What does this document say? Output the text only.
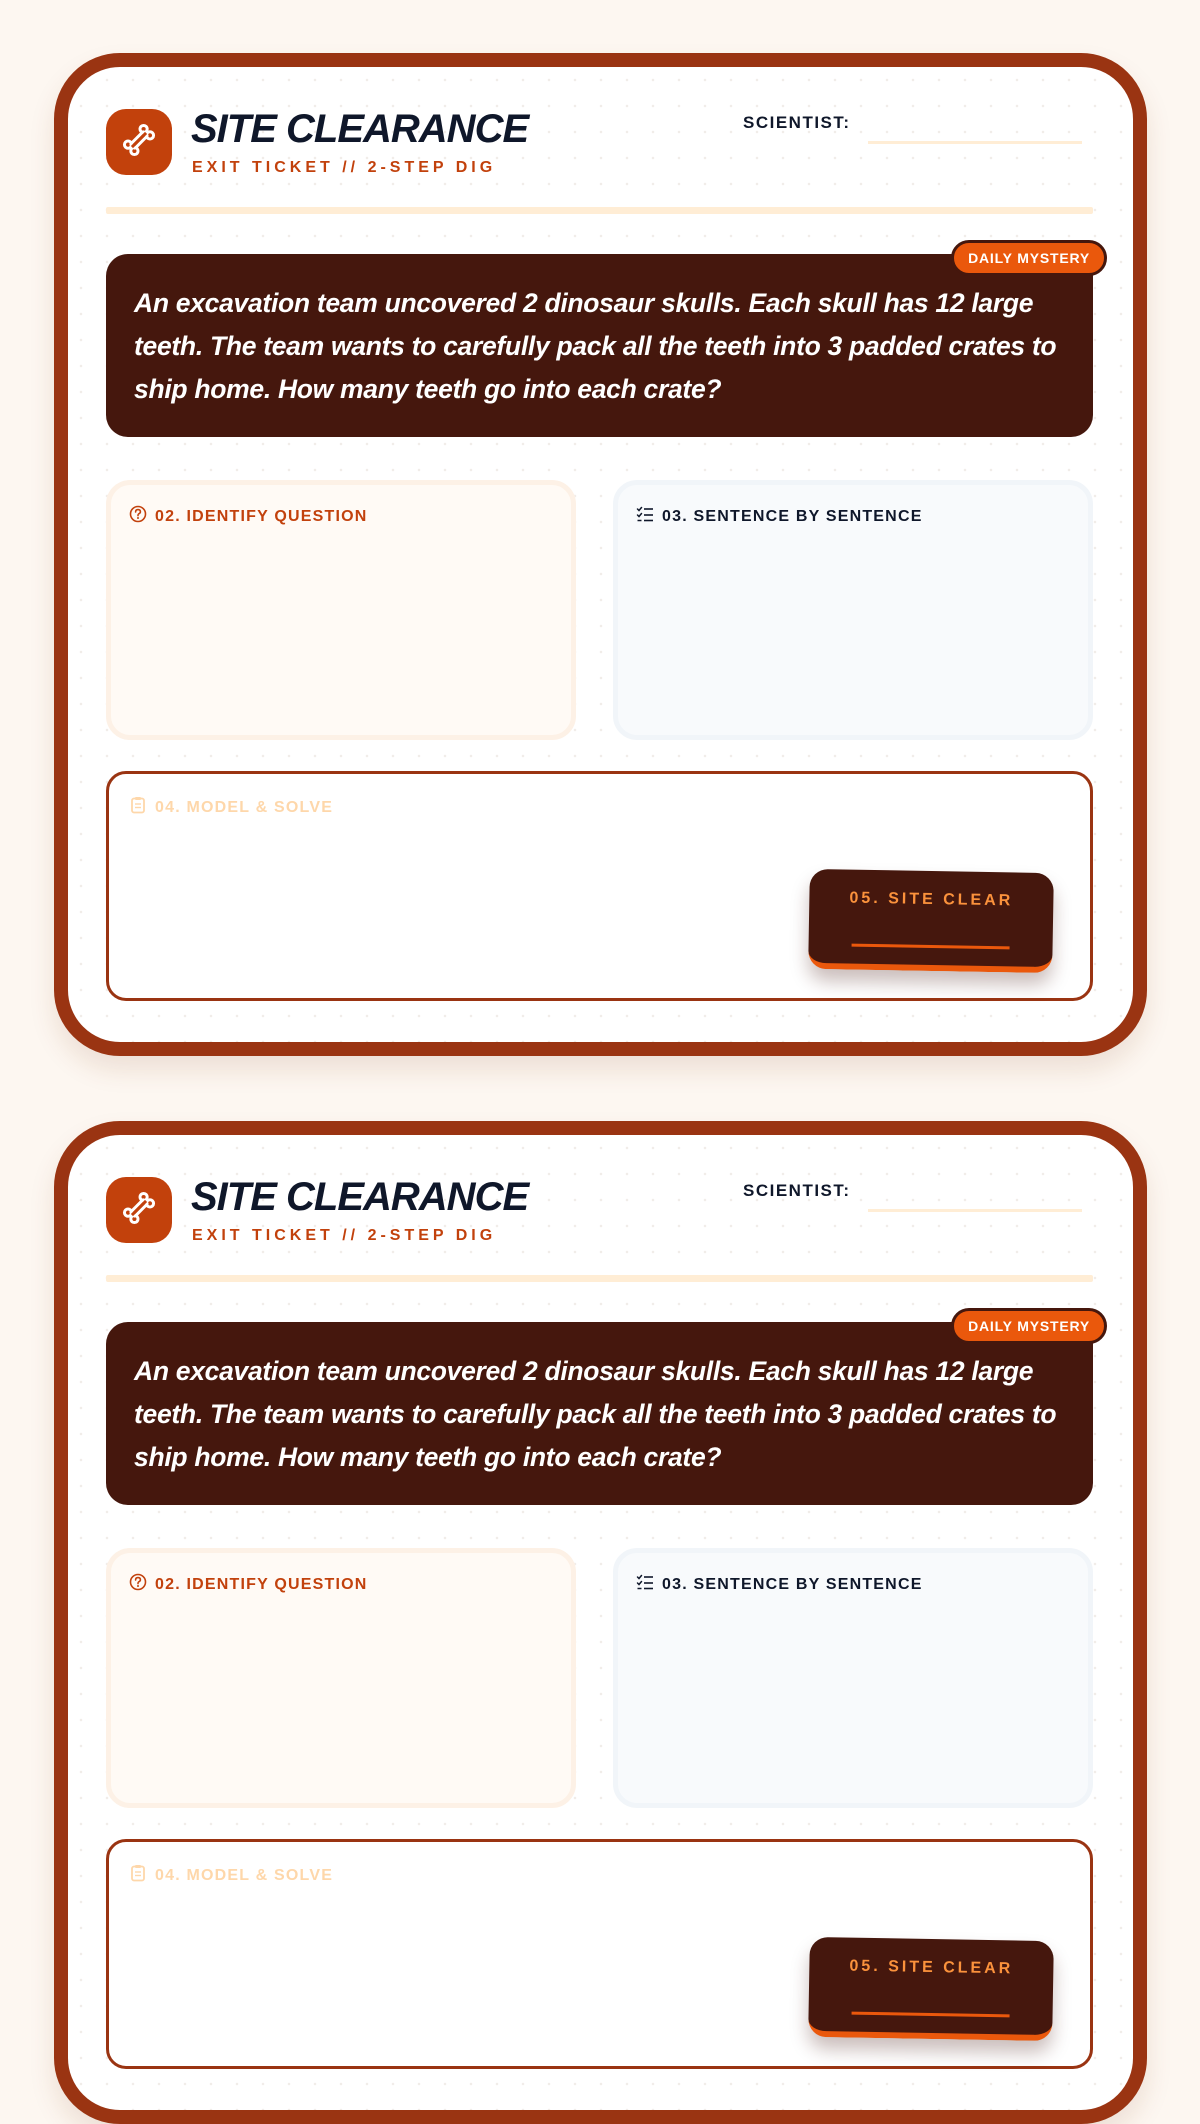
SITE CLEARANCE
EXIT TICKET // 2-STEP DIG
SCIENTIST:
DAILY MYSTERY
An excavation team uncovered 2 dinosaur skulls. Each skull has 12 large teeth. The team wants to carefully pack all the teeth into 3 padded crates to ship home. How many teeth go into each crate?
02. IDENTIFY QUESTION	03. SENTENCE BY SENTENCE
04. MODEL & SOLVE
05. SITE CLEAR
SITE CLEARANCE
EXIT TICKET // 2-STEP DIG
SCIENTIST:
DAILY MYSTERY
An excavation team uncovered 2 dinosaur skulls. Each skull has 12 large teeth. The team wants to carefully pack all the teeth into 3 padded crates to ship home. How many teeth go into each crate?
02. IDENTIFY QUESTION	03. SENTENCE BY SENTENCE
04. MODEL & SOLVE
05. SITE CLEAR
